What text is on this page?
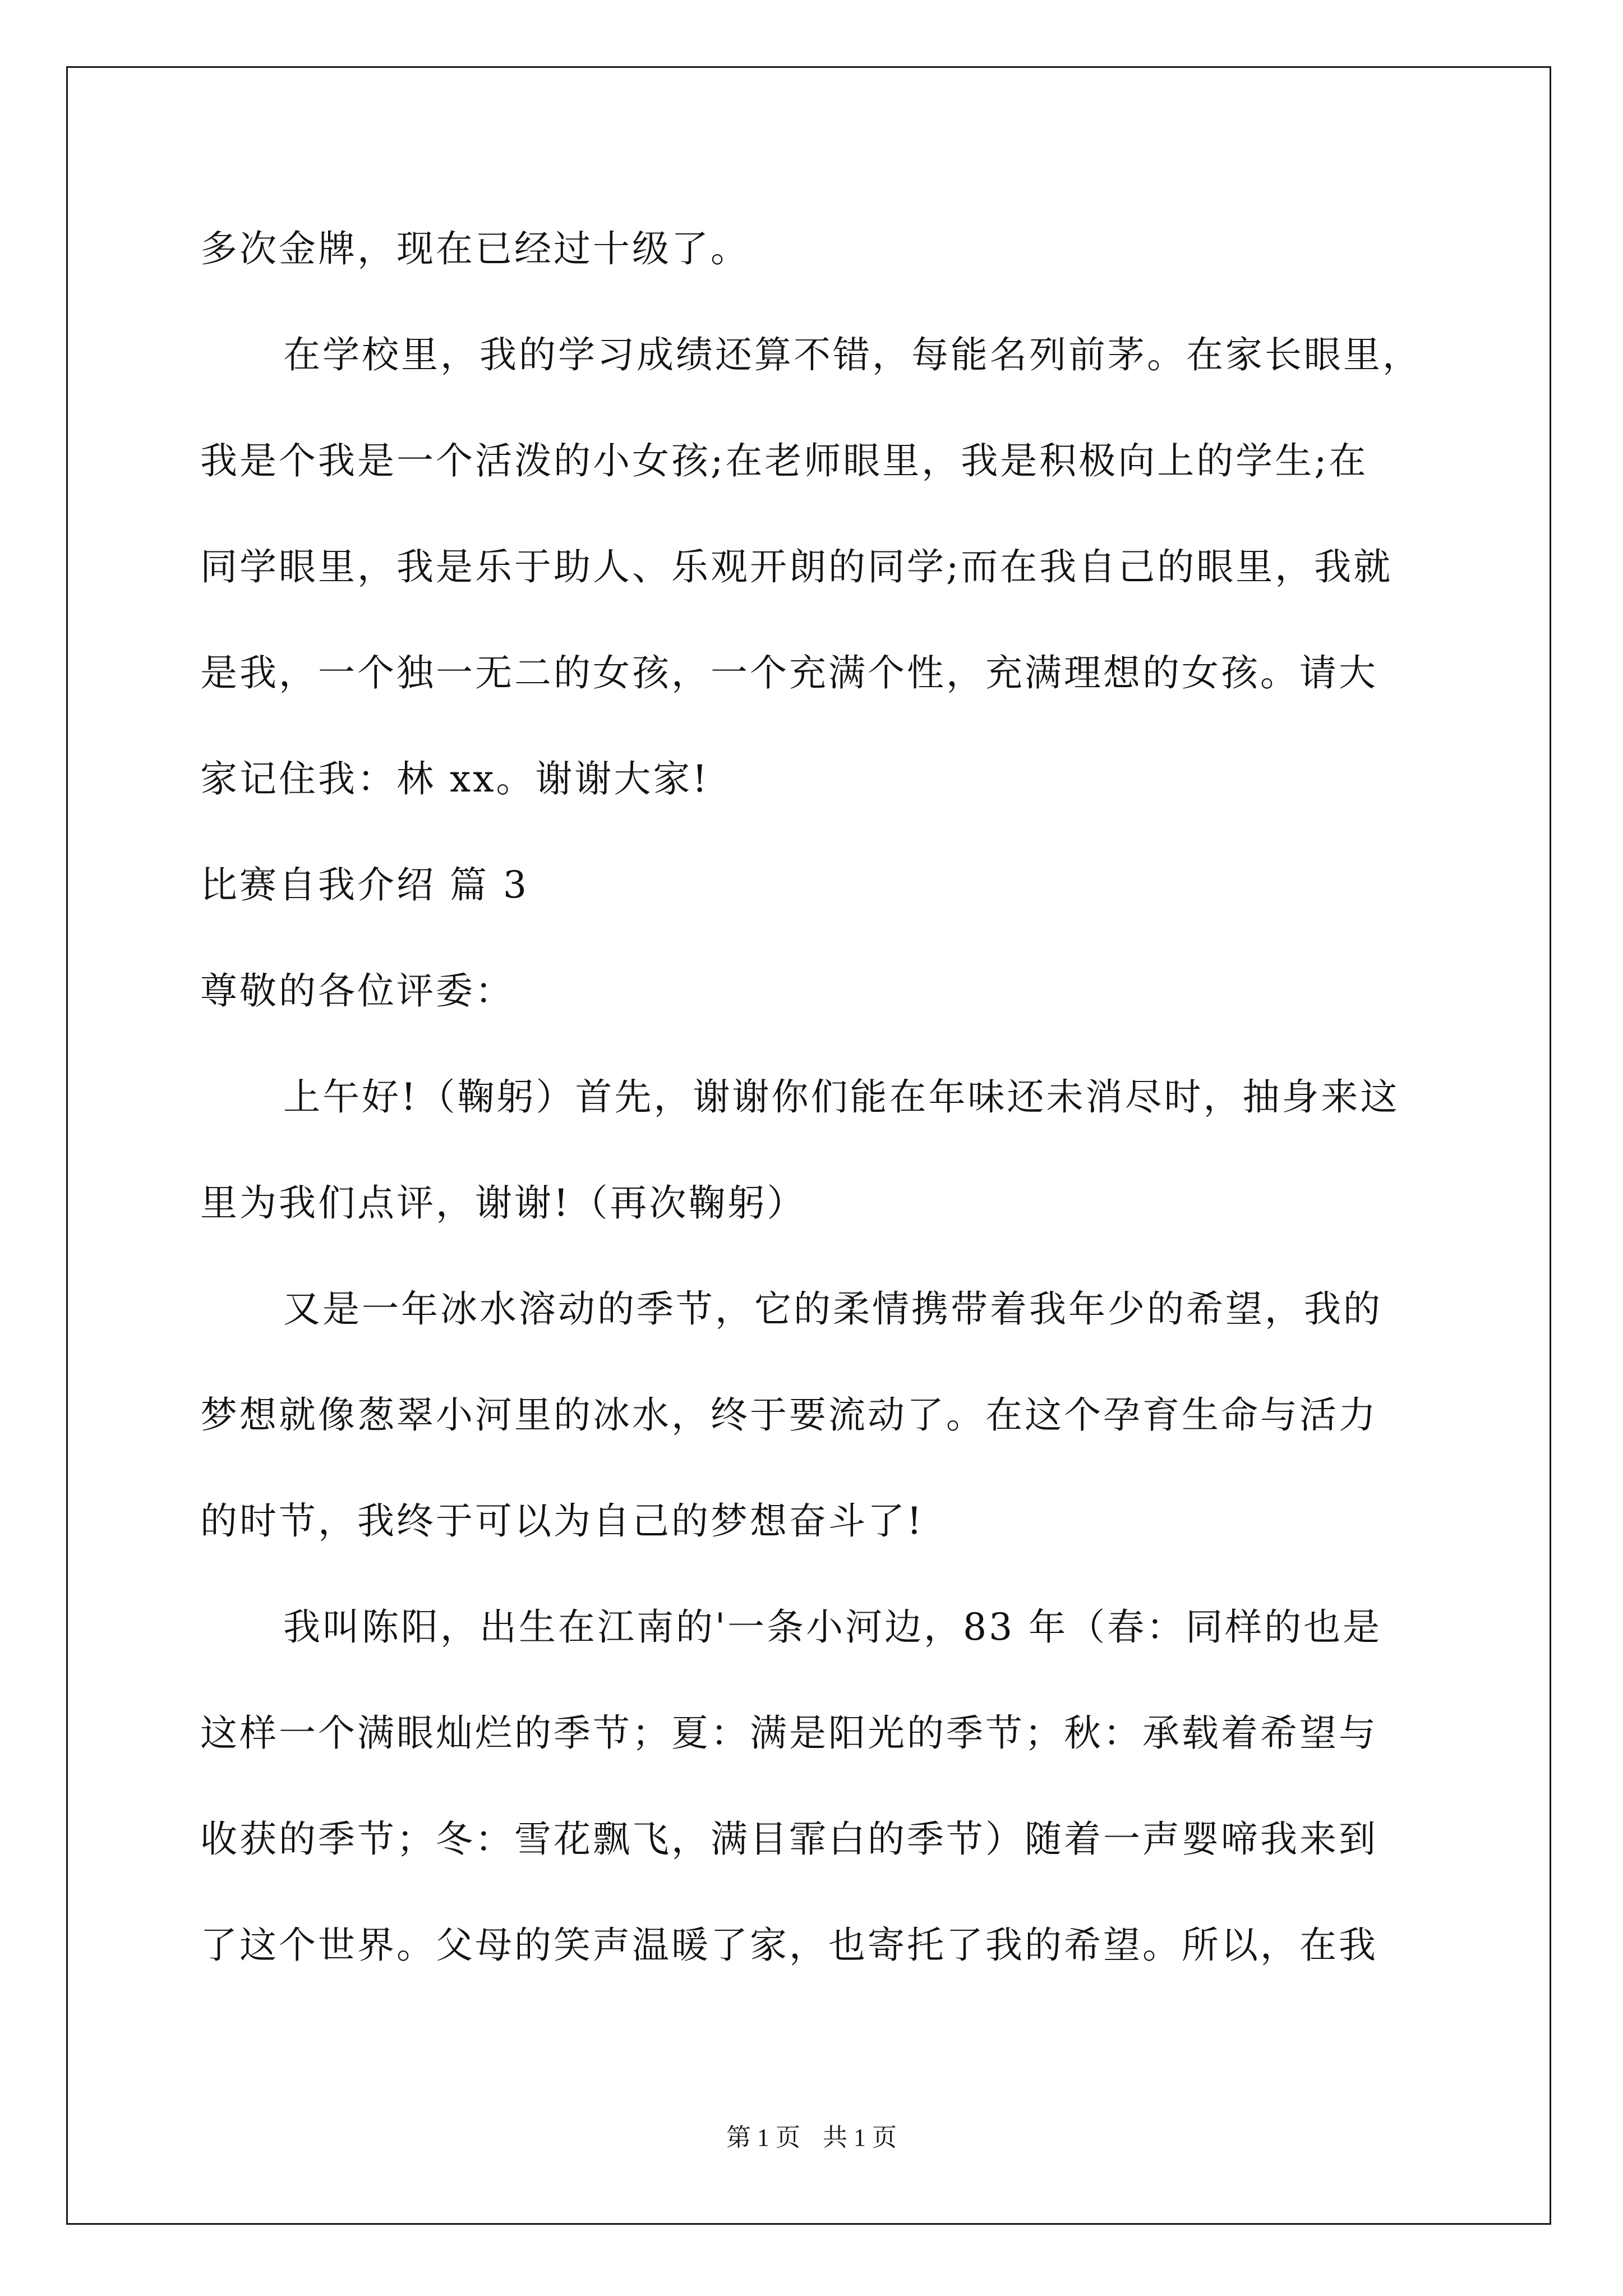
多次金牌，现在已经过十级了。
在学校里，我的学习成绩还算不错，每能名列前茅。在家长眼里，
我是个我是一个活泼的小女孩;在老师眼里，我是积极向上的学生;在
同学眼里，我是乐于助人、乐观开朗的同学;而在我自己的眼里，我就
是我，一个独一无二的女孩，一个充满个性，充满理想的女孩。请大
家记住我：林 xx。谢谢大家!
比赛自我介绍 篇 3
尊敬的各位评委：
上午好!（鞠躬）首先，谢谢你们能在年味还未消尽时，抽身来这
里为我们点评，谢谢!（再次鞠躬）
又是一年冰水溶动的季节，它的柔情携带着我年少的希望，我的
梦想就像葱翠小河里的冰水，终于要流动了。在这个孕育生命与活力
的时节，我终于可以为自己的梦想奋斗了!
我叫陈阳，出生在江南的'一条小河边，83 年（春：同样的也是
这样一个满眼灿烂的季节；夏：满是阳光的季节；秋：承载着希望与
收获的季节；冬：雪花飘飞，满目霏白的季节）随着一声婴啼我来到
了这个世界。父母的笑声温暖了家，也寄托了我的希望。所以，在我
第 1 页 共 1 页
